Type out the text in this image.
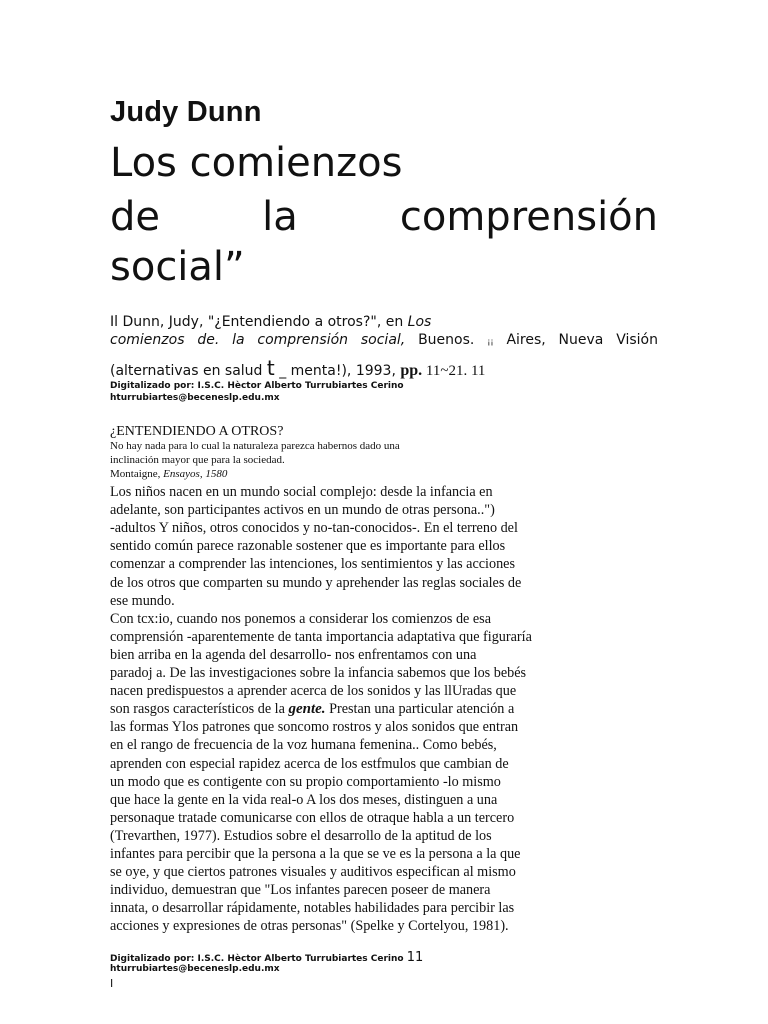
Judy Dunn
Los comienzos
de	la	comprensión
social”
Il Dunn, Judy, "¿Entendiendo a otros?", en Los
comienzos de. la comprensión social, Buenos. ¡¡ Aires, Nueva Visión
(alternativas en salud t _ menta!), 1993, pp. 11~21. 11
Digitalizado por: I.S.C. Hèctor Alberto Turrubiartes Cerino
hturrubiartes@beceneslp.edu.mx
¿ENTENDIENDO A OTROS?
No hay nada para lo cual la naturaleza parezca habernos dado una
inclinación mayor que para la sociedad.
Montaigne, Ensayos, 1580
Los niños nacen en un mundo social complejo: desde la infancia en
adelante, son participantes activos en un mundo de otras persona..")
-adultos Y niños, otros conocidos y no-tan-conocidos-. En el terreno del
sentido común parece razonable sostener que es importante para ellos
comenzar a comprender las intenciones, los sentimientos y las acciones
de los otros que comparten su mundo y aprehender las reglas sociales de
ese mundo.
Con tcx:io, cuando nos ponemos a considerar los comienzos de esa
comprensión -aparentemente de tanta importancia adaptativa que figuraría
bien arriba en la agenda del desarrollo- nos enfrentamos con una
paradoj a. De las investigaciones sobre la infancia sabemos que los bebés
nacen predispuestos a aprender acerca de los sonidos y las llUradas que
son rasgos característicos de la gente. Prestan una particular atención a
las formas Ylos patrones que soncomo rostros y alos sonidos que entran
en el rango de frecuencia de la voz humana femenina.. Como bebés,
aprenden con especial rapidez acerca de los estfmulos que cambian de
un modo que es contigente con su propio comportamiento -lo mismo
que hace la gente en la vida real-o A los dos meses, distinguen a una
personaque tratade comunicarse con ellos de otraque habla a un tercero
(Trevarthen, 1977). Estudios sobre el desarrollo de la aptitud de los
infantes para percibir que la persona a la que se ve es la persona a la que
se oye, y que ciertos patrones visuales y auditivos especifican al mismo
individuo, demuestran que "Los infantes parecen poseer de manera
innata, o desarrollar rápidamente, notables habilidades para percibir las
acciones y expresiones de otras personas" (Spelke y Cortelyou, 1981).
Digitalizado por: I.S.C. Hèctor Alberto Turrubiartes Cerino 11
hturrubiartes@beceneslp.edu.mx
I
